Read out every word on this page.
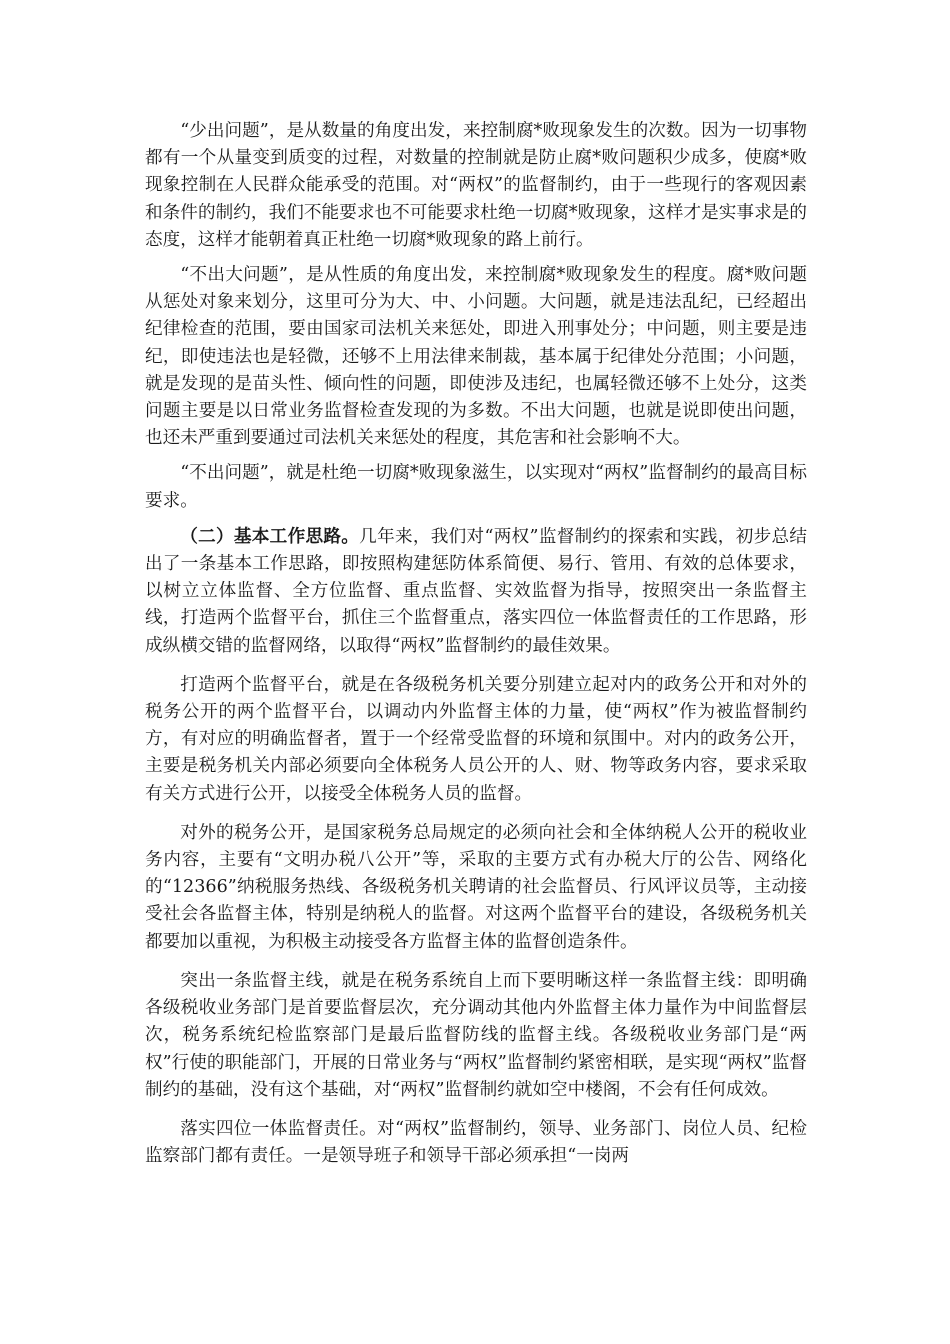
“少出问题”，是从数量的角度出发，来控制腐*败现象发生的次数。因为一切事物都有一个从量变到质变的过程，对数量的控制就是防止腐*败问题积少成多，使腐*败现象控制在人民群众能承受的范围。对“两权”的监督制约，由于一些现行的客观因素和条件的制约，我们不能要求也不可能要求杜绝一切腐*败现象，这样才是实事求是的态度，这样才能朝着真正杜绝一切腐*败现象的路上前行。

“不出大问题”，是从性质的角度出发，来控制腐*败现象发生的程度。腐*败问题从惩处对象来划分，这里可分为大、中、小问题。大问题，就是违法乱纪，已经超出纪律检查的范围，要由国家司法机关来惩处，即进入刑事处分；中问题，则主要是违纪，即使违法也是轻微，还够不上用法律来制裁，基本属于纪律处分范围；小问题，就是发现的是苗头性、倾向性的问题，即使涉及违纪，也属轻微还够不上处分，这类问题主要是以日常业务监督检查发现的为多数。不出大问题，也就是说即使出问题，也还未严重到要通过司法机关来惩处的程度，其危害和社会影响不大。

“不出问题”，就是杜绝一切腐*败现象滋生，以实现对“两权”监督制约的最高目标要求。

（二）基本工作思路。几年来，我们对“两权”监督制约的探索和实践，初步总结出了一条基本工作思路，即按照构建惩防体系简便、易行、管用、有效的总体要求，以树立立体监督、全方位监督、重点监督、实效监督为指导，按照突出一条监督主线，打造两个监督平台，抓住三个监督重点，落实四位一体监督责任的工作思路，形成纵横交错的监督网络，以取得“两权”监督制约的最佳效果。

打造两个监督平台，就是在各级税务机关要分别建立起对内的政务公开和对外的税务公开的两个监督平台，以调动内外监督主体的力量，使“两权”作为被监督制约方，有对应的明确监督者，置于一个经常受监督的环境和氛围中。对内的政务公开，主要是税务机关内部必须要向全体税务人员公开的人、财、物等政务内容，要求采取有关方式进行公开，以接受全体税务人员的监督。

对外的税务公开，是国家税务总局规定的必须向社会和全体纳税人公开的税收业务内容，主要有“文明办税八公开”等，采取的主要方式有办税大厅的公告、网络化的“12366”纳税服务热线、各级税务机关聘请的社会监督员、行风评议员等，主动接受社会各监督主体，特别是纳税人的监督。对这两个监督平台的建设，各级税务机关都要加以重视，为积极主动接受各方监督主体的监督创造条件。

突出一条监督主线，就是在税务系统自上而下要明晰这样一条监督主线：即明确各级税收业务部门是首要监督层次，充分调动其他内外监督主体力量作为中间监督层次，税务系统纪检监察部门是最后监督防线的监督主线。各级税收业务部门是“两权”行使的职能部门，开展的日常业务与“两权”监督制约紧密相联，是实现“两权”监督制约的基础，没有这个基础，对“两权”监督制约就如空中楼阁，不会有任何成效。

落实四位一体监督责任。对“两权”监督制约，领导、业务部门、岗位人员、纪检监察部门都有责任。一是领导班子和领导干部必须承担“一岗两
